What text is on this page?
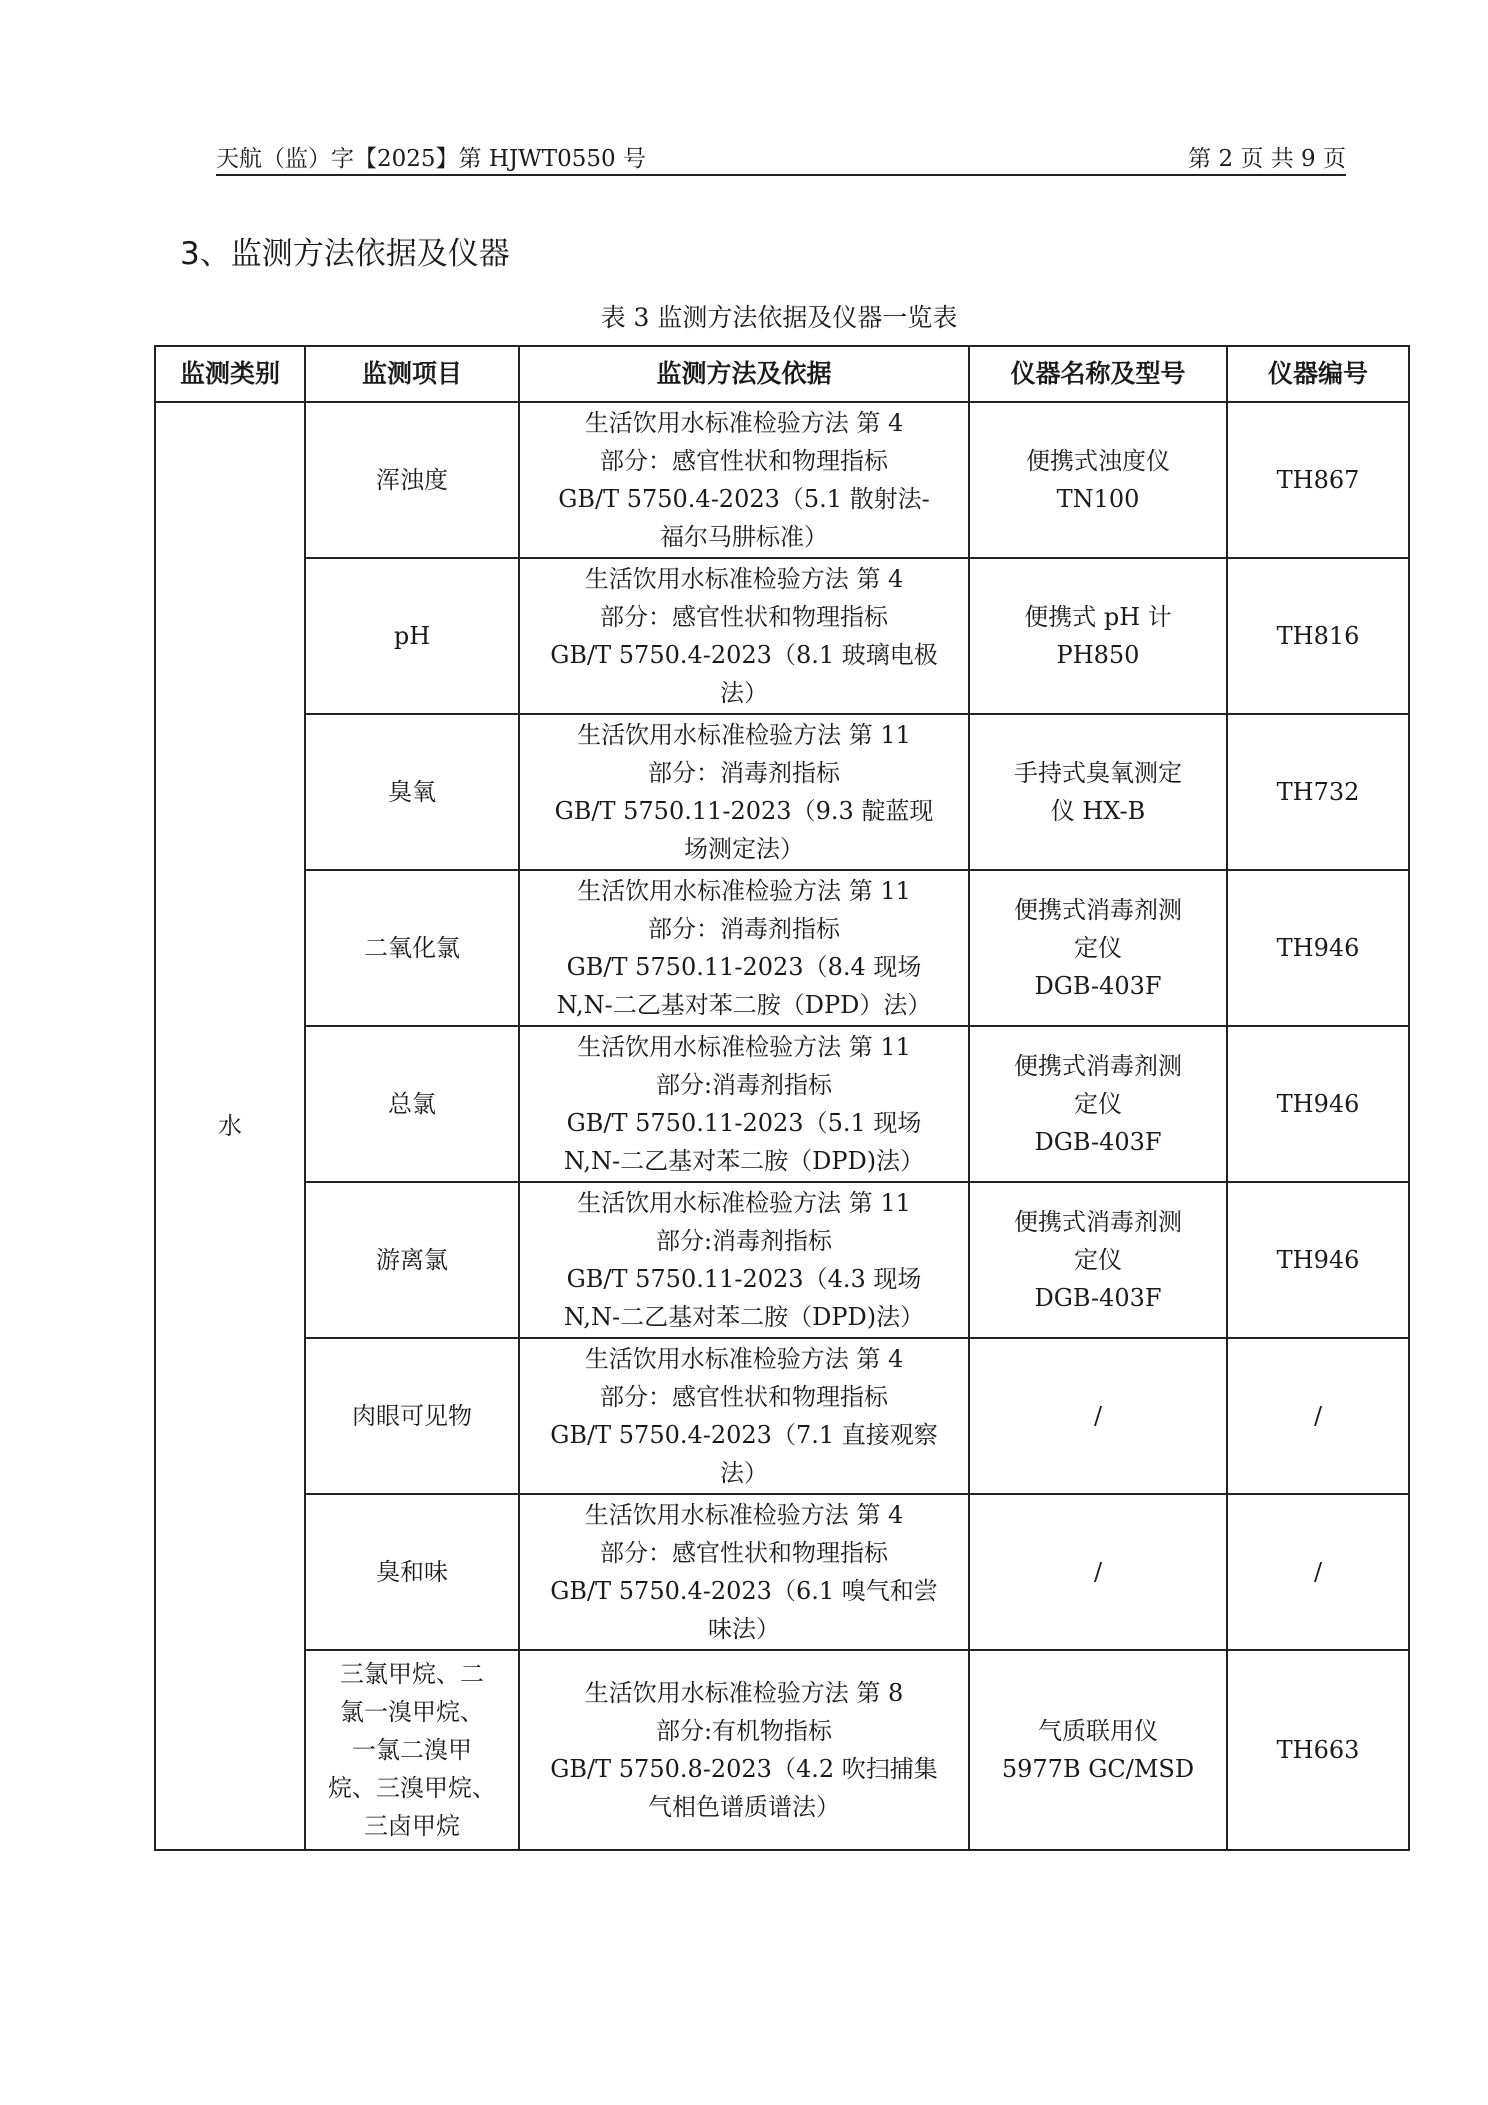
天航（监）字【2025】第 HJWT0550 号	第 2 页 共 9 页
3、监测方法依据及仪器
表 3 监测方法依据及仪器一览表
监测类别	监测项目	监测方法及依据	仪器名称及型号	仪器编号
水	浑浊度	生活饮用水标准检验方法 第 4
部分：感官性状和物理指标
GB/T 5750.4-2023（5.1 散射法-
福尔马肼标准）	便携式浊度仪
TN100	TH867

	pH	生活饮用水标准检验方法 第 4
部分：感官性状和物理指标
GB/T 5750.4-2023（8.1 玻璃电极
法）	便携式 pH 计
PH850	TH816

	臭氧	生活饮用水标准检验方法 第 11
部分：消毒剂指标
GB/T 5750.11-2023（9.3 靛蓝现
场测定法）	手持式臭氧测定
仪 HX-B	TH732

	二氧化氯	生活饮用水标准检验方法 第 11
部分：消毒剂指标
GB/T 5750.11-2023（8.4 现场
N,N-二乙基对苯二胺（DPD）法）	便携式消毒剂测
定仪
DGB-403F	TH946

	总氯	生活饮用水标准检验方法 第 11
部分:消毒剂指标
GB/T 5750.11-2023（5.1 现场
N,N-二乙基对苯二胺（DPD)法）	便携式消毒剂测
定仪
DGB-403F	TH946

	游离氯	生活饮用水标准检验方法 第 11
部分:消毒剂指标
GB/T 5750.11-2023（4.3 现场
N,N-二乙基对苯二胺（DPD)法）	便携式消毒剂测
定仪
DGB-403F	TH946

	肉眼可见物	生活饮用水标准检验方法 第 4
部分：感官性状和物理指标
GB/T 5750.4-2023（7.1 直接观察
法）	/	/

	臭和味	生活饮用水标准检验方法 第 4
部分：感官性状和物理指标
GB/T 5750.4-2023（6.1 嗅气和尝
味法）	/	/

	三氯甲烷、二
氯一溴甲烷、
一氯二溴甲
烷、三溴甲烷、
三卤甲烷	生活饮用水标准检验方法 第 8
部分:有机物指标
GB/T 5750.8-2023（4.2 吹扫捕集
气相色谱质谱法）	气质联用仪
5977B GC/MSD	TH663
